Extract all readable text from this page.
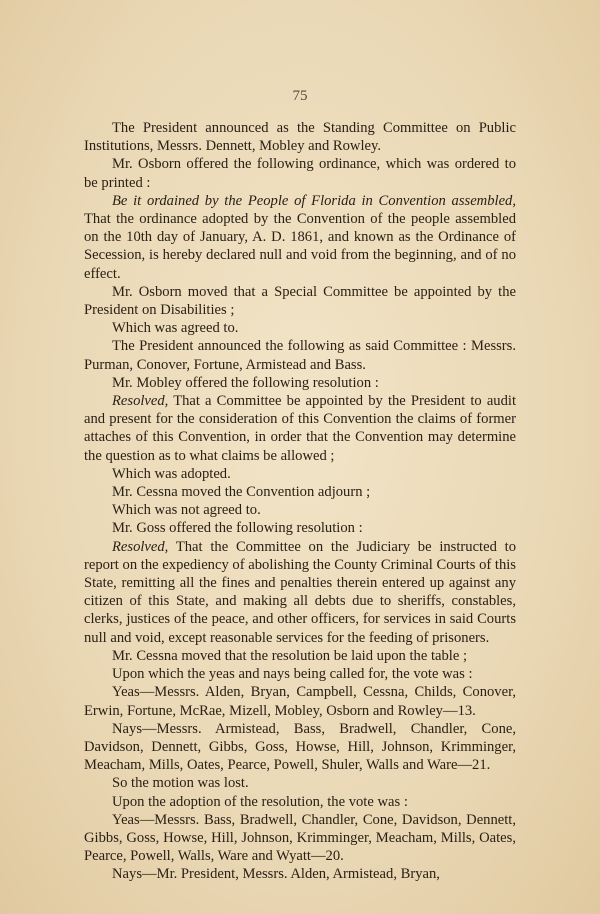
75

The President announced as the Standing Committee on Public Institutions, Messrs. Dennett, Mobley and Rowley.

Mr. Osborn offered the following ordinance, which was ordered to be printed :

Be it ordained by the People of Florida in Convention assembled, That the ordinance adopted by the Convention of the people assembled on the 10th day of January, A. D. 1861, and known as the Ordinance of Secession, is hereby declared null and void from the beginning, and of no effect.

Mr. Osborn moved that a Special Committee be appointed by the President on Disabilities ;

Which was agreed to.

The President announced the following as said Committee : Messrs. Purman, Conover, Fortune, Armistead and Bass.

Mr. Mobley offered the following resolution :

Resolved, That a Committee be appointed by the President to audit and present for the consideration of this Convention the claims of former attaches of this Convention, in order that the Convention may determine the question as to what claims be allowed ;

Which was adopted.

Mr. Cessna moved the Convention adjourn ;

Which was not agreed to.

Mr. Goss offered the following resolution :

Resolved, That the Committee on the Judiciary be instructed to report on the expediency of abolishing the County Criminal Courts of this State, remitting all the fines and penalties therein entered up against any citizen of this State, and making all debts due to sheriffs, constables, clerks, justices of the peace, and other officers, for services in said Courts null and void, except reasonable services for the feeding of prisoners.

Mr. Cessna moved that the resolution be laid upon the table ;

Upon which the yeas and nays being called for, the vote was :

Yeas—Messrs. Alden, Bryan, Campbell, Cessna, Childs, Conover, Erwin, Fortune, McRae, Mizell, Mobley, Osborn and Rowley—13.

Nays—Messrs. Armistead, Bass, Bradwell, Chandler, Cone, Davidson, Dennett, Gibbs, Goss, Howse, Hill, Johnson, Krimminger, Meacham, Mills, Oates, Pearce, Powell, Shuler, Walls and Ware—21.

So the motion was lost.

Upon the adoption of the resolution, the vote was :

Yeas—Messrs. Bass, Bradwell, Chandler, Cone, Davidson, Dennett, Gibbs, Goss, Howse, Hill, Johnson, Krimminger, Meacham, Mills, Oates, Pearce, Powell, Walls, Ware and Wyatt—20.

Nays—Mr. President, Messrs. Alden, Armistead, Bryan,
